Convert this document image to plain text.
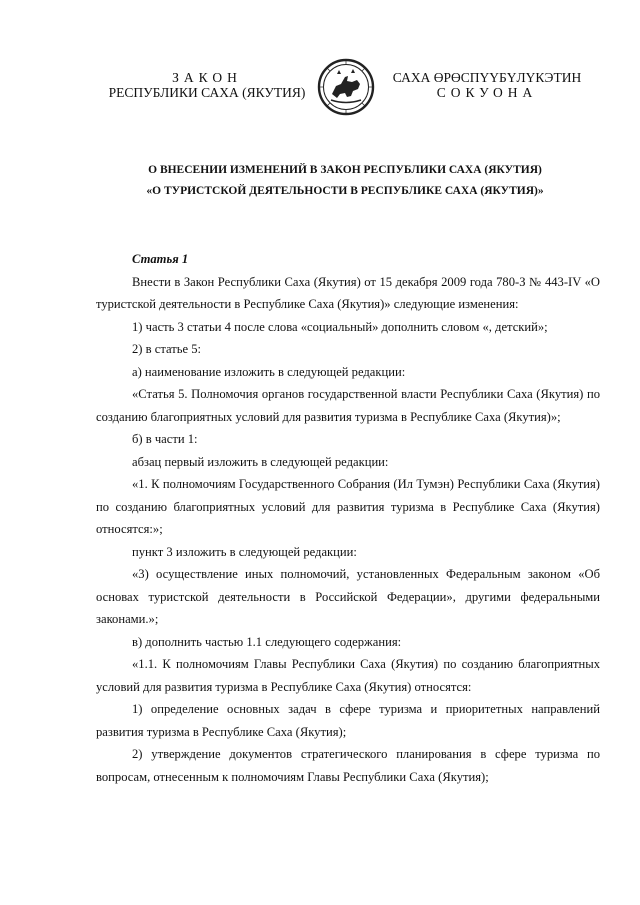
ЗАКОН
РЕСПУБЛИКИ САХА (ЯКУТИЯ)
САХА ӨРӨСПҮҮБҮЛҮКЭТИН
СОКУОНА
О ВНЕСЕНИИ ИЗМЕНЕНИЙ В ЗАКОН РЕСПУБЛИКИ САХА (ЯКУТИЯ)
«О ТУРИСТСКОЙ ДЕЯТЕЛЬНОСТИ В РЕСПУБЛИКЕ САХА (ЯКУТИЯ)»

Статья 1

Внести в Закон Республики Саха (Якутия) от 15 декабря 2009 года 780-З № 443-IV «О туристской деятельности в Республике Саха (Якутия)» следующие изменения:

1) часть 3 статьи 4 после слова «социальный» дополнить словом «, детский»;

2) в статье 5:

а) наименование изложить в следующей редакции:

«Статья 5. Полномочия органов государственной власти Республики Саха (Якутия) по созданию благоприятных условий для развития туризма в Республике Саха (Якутия)»;

б) в части 1:

абзац первый изложить в следующей редакции:

«1. К полномочиям Государственного Собрания (Ил Тумэн) Республики Саха (Якутия) по созданию благоприятных условий для развития туризма в Республике Саха (Якутия) относятся:»;

пункт 3 изложить в следующей редакции:

«3) осуществление иных полномочий, установленных Федеральным законом «Об основах туристской деятельности в Российской Федерации», другими федеральными законами.»;

в) дополнить частью 1.1 следующего содержания:

«1.1. К полномочиям Главы Республики Саха (Якутия) по созданию благоприятных условий для развития туризма в Республике Саха (Якутия) относятся:

1) определение основных задач в сфере туризма и приоритетных направлений развития туризма в Республике Саха (Якутия);

2) утверждение документов стратегического планирования в сфере туризма по вопросам, отнесенным к полномочиям Главы Республики Саха (Якутия);
